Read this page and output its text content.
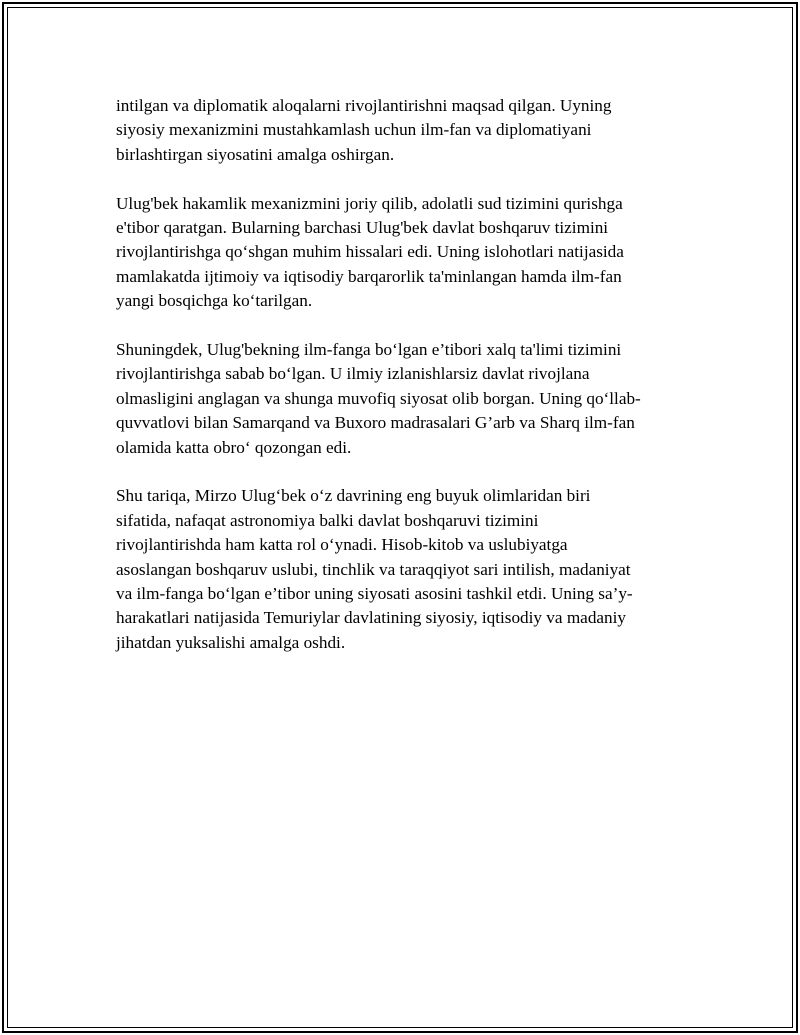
intilgan va diplomatik aloqalarni rivojlantirishni maqsad qilgan. Uyning
siyosiy mexanizmini mustahkamlash uchun ilm-fan va diplomatiyani
birlashtirgan siyosatini amalga oshirgan.

Ulug'bek hakamlik mexanizmini joriy qilib, adolatli sud tizimini qurishga
e'tibor qaratgan. Bularning barchasi Ulug'bek davlat boshqaruv tizimini
rivojlantirishga qo‘shgan muhim hissalari edi. Uning islohotlari natijasida
mamlakatda ijtimoiy va iqtisodiy barqarorlik ta'minlangan hamda ilm-fan
yangi bosqichga ko‘tarilgan.

Shuningdek, Ulug'bekning ilm-fanga bo‘lgan e’tibori xalq ta'limi tizimini
rivojlantirishga sabab bo‘lgan. U ilmiy izlanishlarsiz davlat rivojlana
olmasligini anglagan va shunga muvofiq siyosat olib borgan. Uning qo‘llab-
quvvatlovi bilan Samarqand va Buxoro madrasalari G’arb va Sharq ilm-fan
olamida katta obro‘ qozongan edi.

Shu tariqa, Mirzo Ulug‘bek o‘z davrining eng buyuk olimlaridan biri
sifatida, nafaqat astronomiya balki davlat boshqaruvi tizimini
rivojlantirishda ham katta rol o‘ynadi. Hisob-kitob va uslubiyatga
asoslangan boshqaruv uslubi, tinchlik va taraqqiyot sari intilish, madaniyat
va ilm-fanga bo‘lgan e’tibor uning siyosati asosini tashkil etdi. Uning sa’y-
harakatlari natijasida Temuriylar davlatining siyosiy, iqtisodiy va madaniy
jihatdan yuksalishi amalga oshdi.
